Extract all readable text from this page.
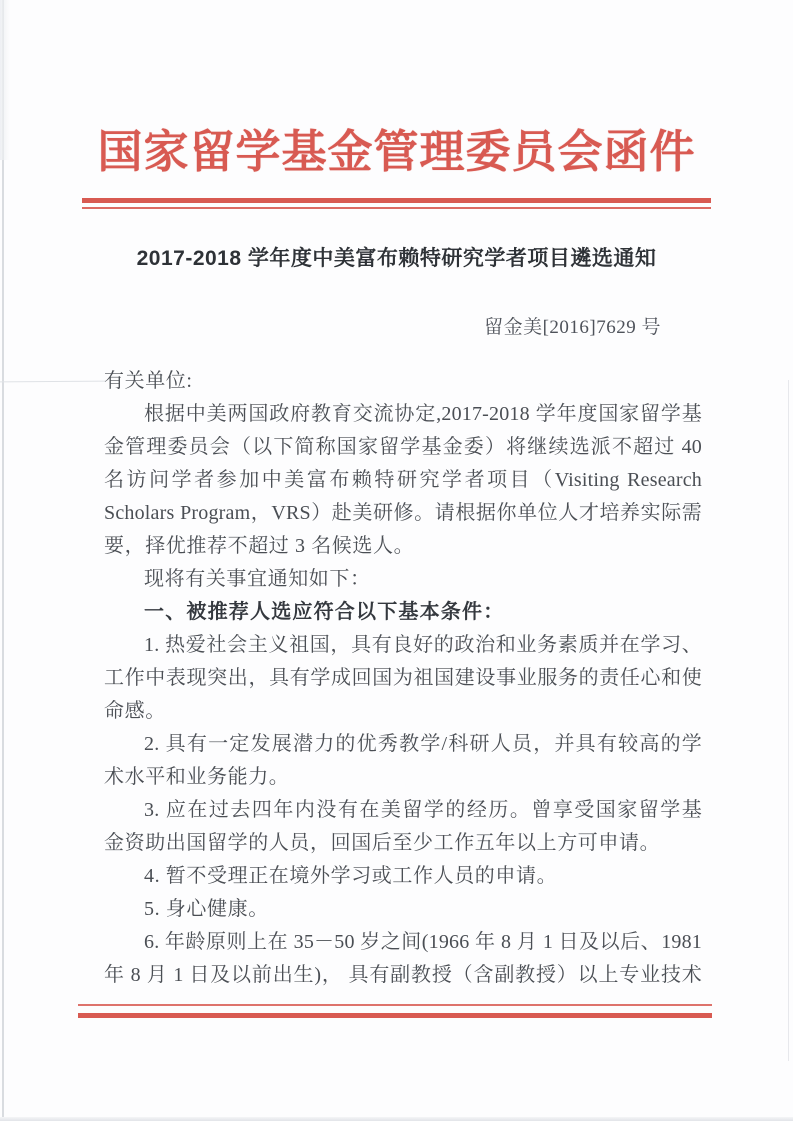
国家留学基金管理委员会函件
2017-2018 学年度中美富布赖特研究学者项目遴选通知
留金美[2016]7629 号
有关单位:
根据中美两国政府教育交流协定,2017-2018 学年度国家留学基
金管理委员会（以下简称国家留学基金委）将继续选派不超过 40
名访问学者参加中美富布赖特研究学者项目（Visiting Research
Scholars Program，VRS）赴美研修。请根据你单位人才培养实际需
要，择优推荐不超过 3 名候选人。
现将有关事宜通知如下：
一、被推荐人选应符合以下基本条件：
1. 热爱社会主义祖国，具有良好的政治和业务素质并在学习、
工作中表现突出，具有学成回国为祖国建设事业服务的责任心和使
命感。
2. 具有一定发展潜力的优秀教学/科研人员，并具有较高的学
术水平和业务能力。
3. 应在过去四年内没有在美留学的经历。曾享受国家留学基
金资助出国留学的人员，回国后至少工作五年以上方可申请。
4. 暂不受理正在境外学习或工作人员的申请。
5. 身心健康。
6. 年龄原则上在 35－50 岁之间(1966 年 8 月 1 日及以后、1981
年 8 月 1 日及以前出生)， 具有副教授（含副教授）以上专业技术
